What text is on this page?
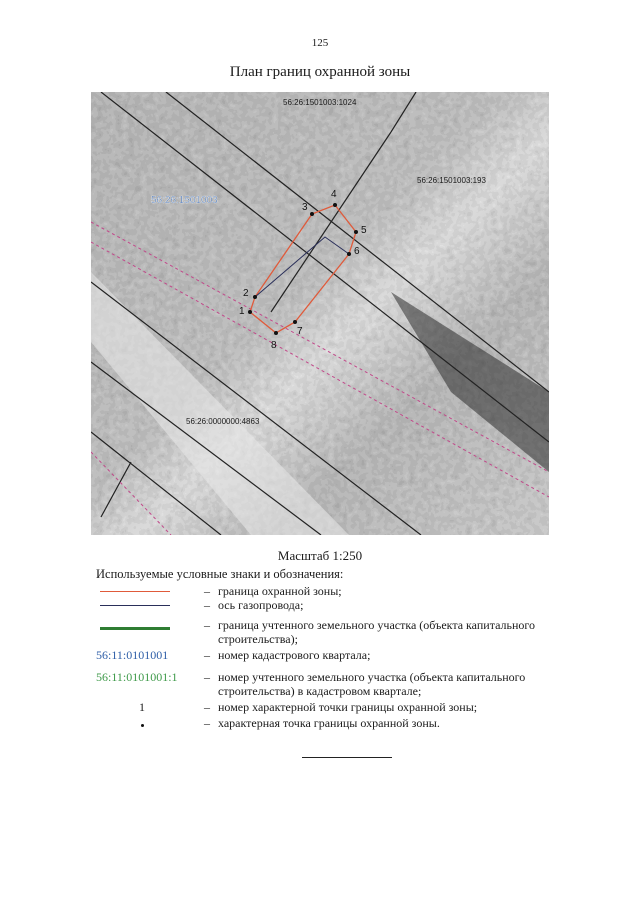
125
План границ охранной зоны
1
2
3
4
5
6
7
8
56:26:1501003:1024
56:26:1501003:193
56:26:0000000:4863
56:26:1501003
Масштаб 1:250
Используемые условные знаки и обозначения:
– граница охранной зоны;
– ось газопровода;
– граница учтенного земельного участка (объекта капитального строительства);
56:11:0101001	– номер кадастрового квартала;
56:11:0101001:1	– номер учтенного земельного участка (объекта капитального строительства) в кадастровом квартале;
1	– номер характерной точки границы охранной зоны;
– характерная точка границы охранной зоны.
